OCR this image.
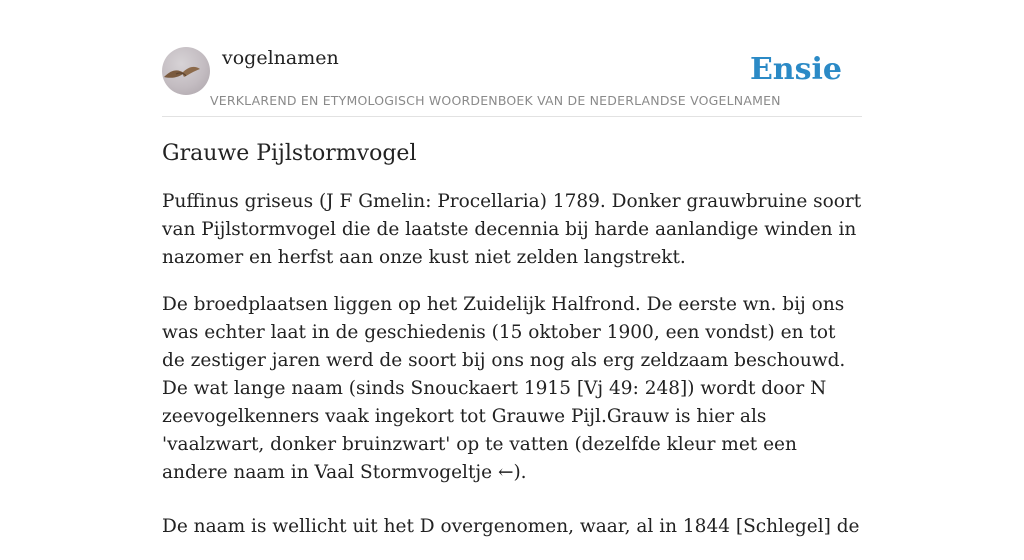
vogelnamen
VERKLAREND EN ETYMOLOGISCH WOORDENBOEK VAN DE NEDERLANDSE VOGELNAMEN
Ensie
Grauwe Pijlstormvogel

Puffinus griseus (J F Gmelin: Procellaria) 1789. Donker grauwbruine soort van Pijlstormvogel die de laatste decennia bij harde aanlandige winden in nazomer en herfst aan onze kust niet zelden langstrekt.

De broedplaatsen liggen op het Zuidelijk Halfrond. De eerste wn. bij ons was echter laat in de geschiedenis (15 oktober 1900, een vondst) en tot de zestiger jaren werd de soort bij ons nog als erg zeldzaam beschouwd. De wat lange naam (sinds Snouckaert 1915 [Vj 49: 248]) wordt door N zeevogelkenners vaak ingekort tot Grauwe Pijl.Grauw is hier als 'vaalzwart, donker bruinzwart' op te vatten (dezelfde kleur met een andere naam in Vaal Stormvogeltje ←).

De naam is wellicht uit het D overgenomen, waar, al in 1844 [Schlegel] de
